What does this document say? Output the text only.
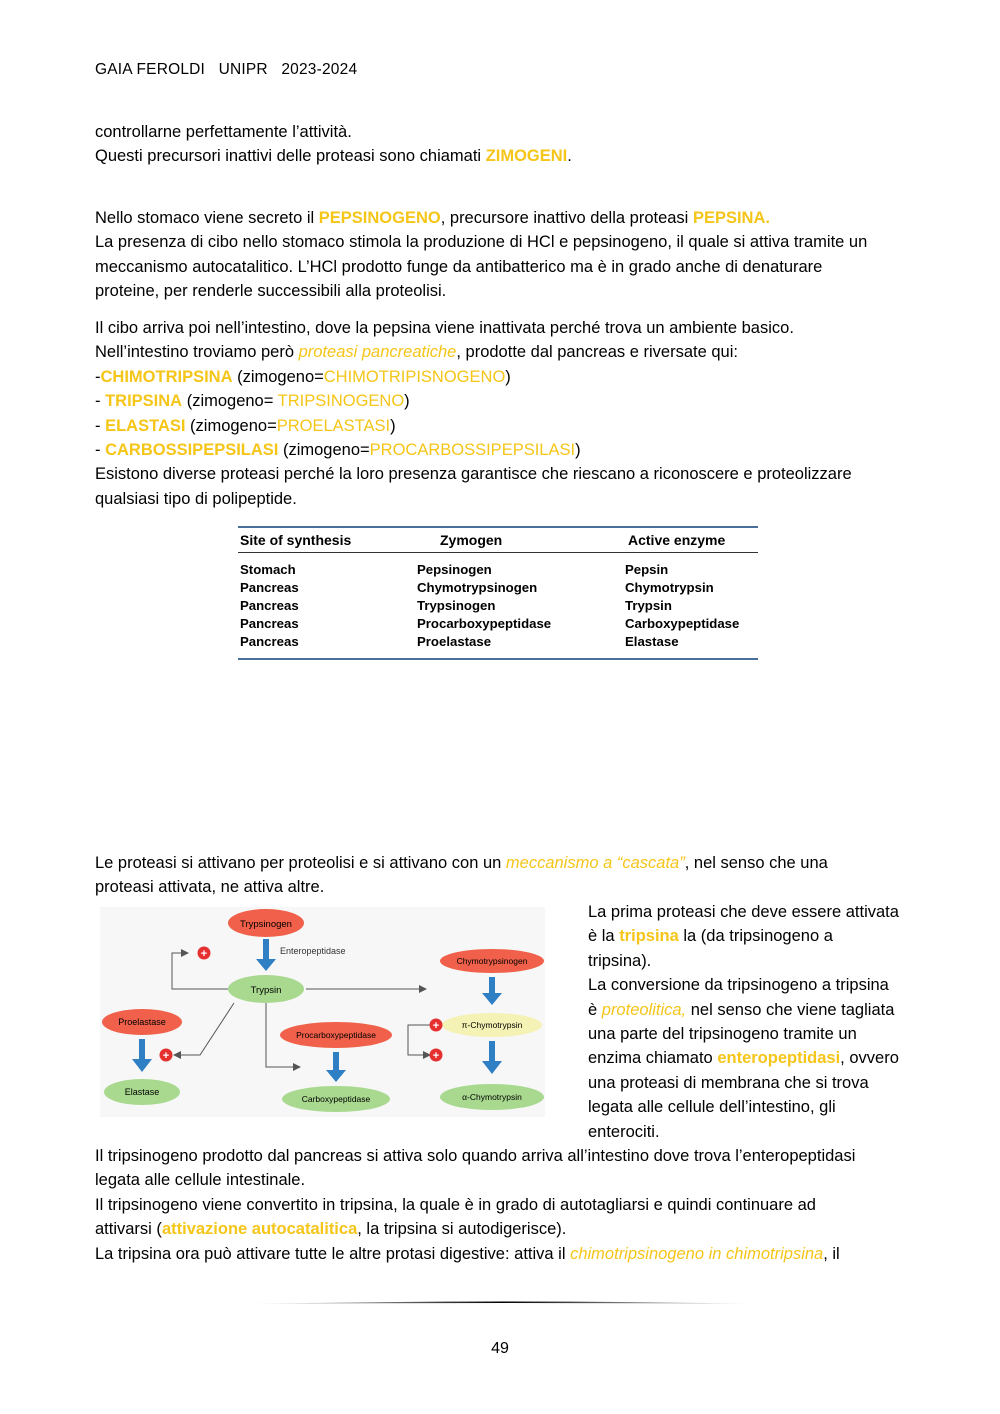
GAIA FEROLDI UNIPR 2023-2024
controllarne perfettamente l’attività.
Questi precursori inattivi delle proteasi sono chiamati ZIMOGENI.
Nello stomaco viene secreto il PEPSINOGENO, precursore inattivo della proteasi PEPSINA.
La presenza di cibo nello stomaco stimola la produzione di HCl e pepsinogeno, il quale si attiva tramite un
meccanismo autocatalitico. L’HCl prodotto funge da antibatterico ma è in grado anche di denaturare
proteine, per renderle successibili alla proteolisi.
Il cibo arriva poi nell’intestino, dove la pepsina viene inattivata perché trova un ambiente basico.
Nell’intestino troviamo però proteasi pancreatiche, prodotte dal pancreas e riversate qui:
-CHIMOTRIPSINA (zimogeno=CHIMOTRIPISNOGENO)
- TRIPSINA (zimogeno= TRIPSINOGENO)
- ELASTASI (zimogeno=PROELASTASI)
- CARBOSSIPEPSILASI (zimogeno=PROCARBOSSIPEPSILASI)
Esistono diverse proteasi perché la loro presenza garantisce che riescano a riconoscere e proteolizzare
qualsiasi tipo di polipeptide.
Site of synthesis	Zymogen	Active enzyme
Stomach	Pepsinogen	Pepsin
Pancreas	Chymotrypsinogen	Chymotrypsin
Pancreas	Trypsinogen	Trypsin
Pancreas	Procarboxypeptidase	Carboxypeptidase
Pancreas	Proelastase	Elastase
Le proteasi si attivano per proteolisi e si attivano con un meccanismo a “cascata”, nel senso che una
proteasi attivata, ne attiva altre.
Trypsinogen
Enteropeptidase
Trypsin
+
Chymotrypsinogen
π-Chymotrypsin
α-Chymotrypsin
+
+
Proelastase
Elastase
+
Procarboxypeptidase
Carboxypeptidase
La prima proteasi che deve essere attivata
è la tripsina la (da tripsinogeno a
tripsina).
La conversione da tripsinogeno a tripsina
è proteolitica, nel senso che viene tagliata
una parte del tripsinogeno tramite un
enzima chiamato enteropeptidasi, ovvero
una proteasi di membrana che si trova
legata alle cellule dell’intestino, gli
enterociti.
Il tripsinogeno prodotto dal pancreas si attiva solo quando arriva all’intestino dove trova l’enteropeptidasi
legata alle cellule intestinale.
Il tripsinogeno viene convertito in tripsina, la quale è in grado di autotagliarsi e quindi continuare ad
attivarsi (attivazione autocatalitica, la tripsina si autodigerisce).
La tripsina ora può attivare tutte le altre protasi digestive: attiva il chimotripsinogeno in chimotripsina, il
49
